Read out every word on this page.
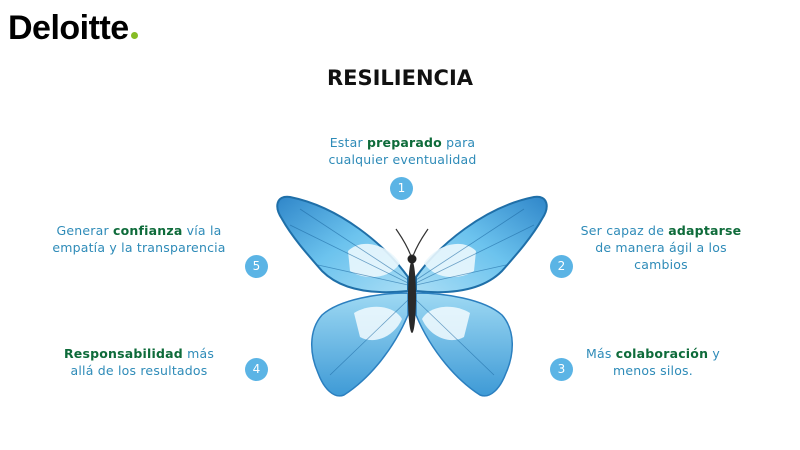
Deloitte
RESILIENCIA
Estar preparado para cualquier eventualidad
1
Ser capaz de adaptarse de manera ágil a los cambios
2
Más colaboración y menos silos.
3
Responsabilidad más allá de los resultados	4
Generar confianza vía la empatía y la transparencia
5
